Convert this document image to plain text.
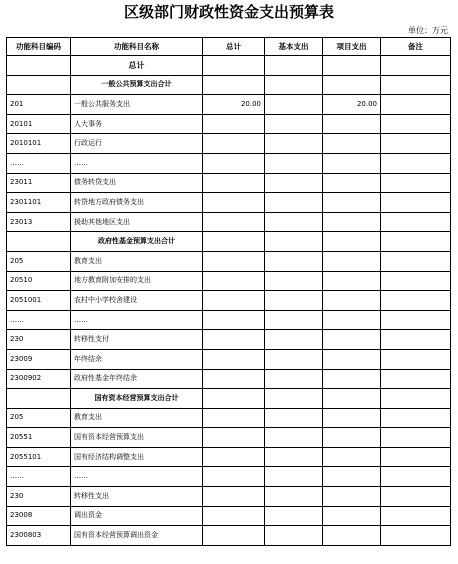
区级部门财政性资金支出预算表
单位：万元
功能科目编码	功能科目名称	总计	基本支出	项目支出	备注
	总计				
	一般公共预算支出合计				
201	一般公共服务支出	20.00		20.00	
20101	人大事务				
2010101	行政运行				
……	……				
23011	债务转贷支出				
2301101	转贷地方政府债务支出				
23013	援助其他地区支出				
	政府性基金预算支出合计				
205	教育支出				
20510	地方教育附加安排的支出				
2051001	农村中小学校舍建设				
……	……				
230	转移性支付				
23009	年终结余				
2300902	政府性基金年终结余				
	国有资本经营预算支出合计				
205	教育支出				
20551	国有资本经营预算支出				
2055101	国有经济结构调整支出				
……	……				
230	转移性支出				
23008	调出资金				
2300803	国有资本经营预算调出资金				
